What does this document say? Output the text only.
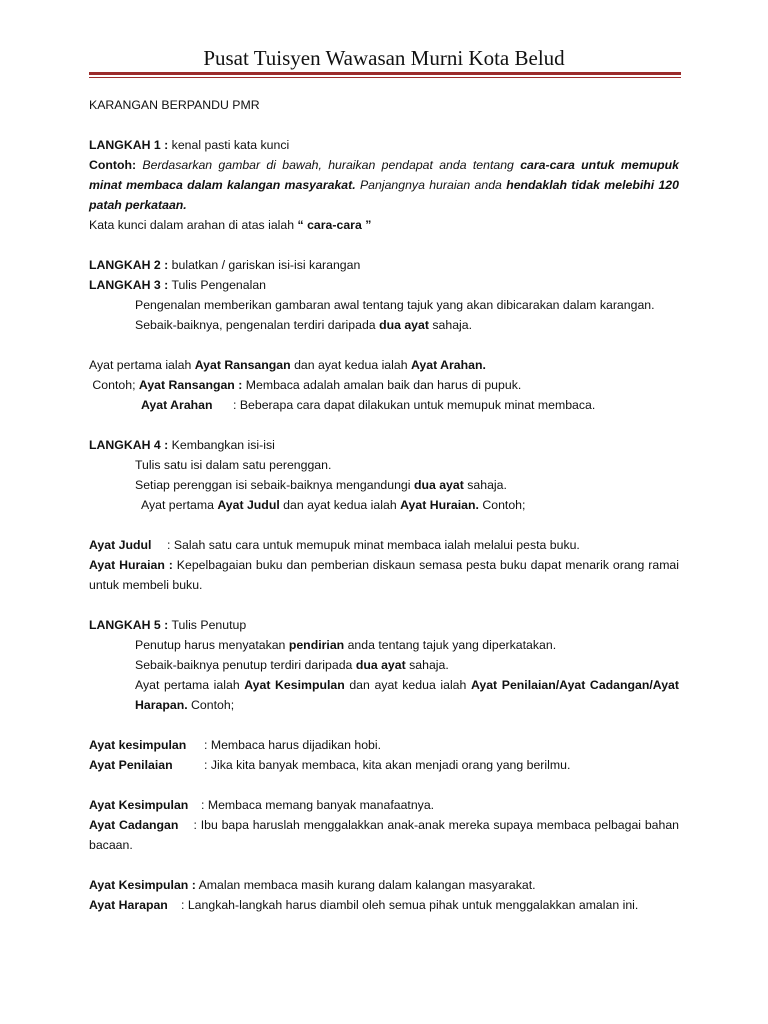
Pusat Tuisyen Wawasan Murni Kota Belud

KARANGAN BERPANDU PMR

LANGKAH 1 : kenal pasti kata kunci

Contoh: Berdasarkan gambar di bawah, huraikan pendapat anda tentang cara-cara untuk memupuk minat membaca dalam kalangan masyarakat. Panjangnya huraian anda hendaklah tidak melebihi 120 patah perkataan.

Kata kunci dalam arahan di atas ialah “ cara-cara ”

LANGKAH 2 : bulatkan / gariskan isi-isi karangan

LANGKAH 3 : Tulis Pengenalan

Pengenalan memberikan gambaran awal tentang tajuk yang akan dibicarakan dalam karangan.

Sebaik-baiknya, pengenalan terdiri daripada dua ayat sahaja.

Ayat pertama ialah Ayat Ransangan dan ayat kedua ialah Ayat Arahan.

Contoh; Ayat Ransangan : Membaca adalah amalan baik dan harus di pupuk.

Ayat Arahan : Beberapa cara dapat dilakukan untuk memupuk minat membaca.

LANGKAH 4 : Kembangkan isi-isi

Tulis satu isi dalam satu perenggan.

Setiap perenggan isi sebaik-baiknya mengandungi dua ayat sahaja.

Ayat pertama Ayat Judul dan ayat kedua ialah Ayat Huraian. Contoh;

Ayat Judul : Salah satu cara untuk memupuk minat membaca ialah melalui pesta buku.

Ayat Huraian : Kepelbagaian buku dan pemberian diskaun semasa pesta buku dapat menarik orang ramai untuk membeli buku.

LANGKAH 5 : Tulis Penutup

Penutup harus menyatakan pendirian anda tentang tajuk yang diperkatakan.

Sebaik-baiknya penutup terdiri daripada dua ayat sahaja.

Ayat pertama ialah Ayat Kesimpulan dan ayat kedua ialah Ayat Penilaian/Ayat Cadangan/Ayat Harapan. Contoh;

Ayat kesimpulan : Membaca harus dijadikan hobi.

Ayat Penilaian	: Jika kita banyak membaca, kita akan menjadi orang yang berilmu.

Ayat Kesimpulan : Membaca memang banyak manafaatnya.

Ayat Cadangan : Ibu bapa haruslah menggalakkan anak-anak mereka supaya membaca pelbagai bahan bacaan.

Ayat Kesimpulan : Amalan membaca masih kurang dalam kalangan masyarakat.

Ayat Harapan : Langkah-langkah harus diambil oleh semua pihak untuk menggalakkan amalan ini.
